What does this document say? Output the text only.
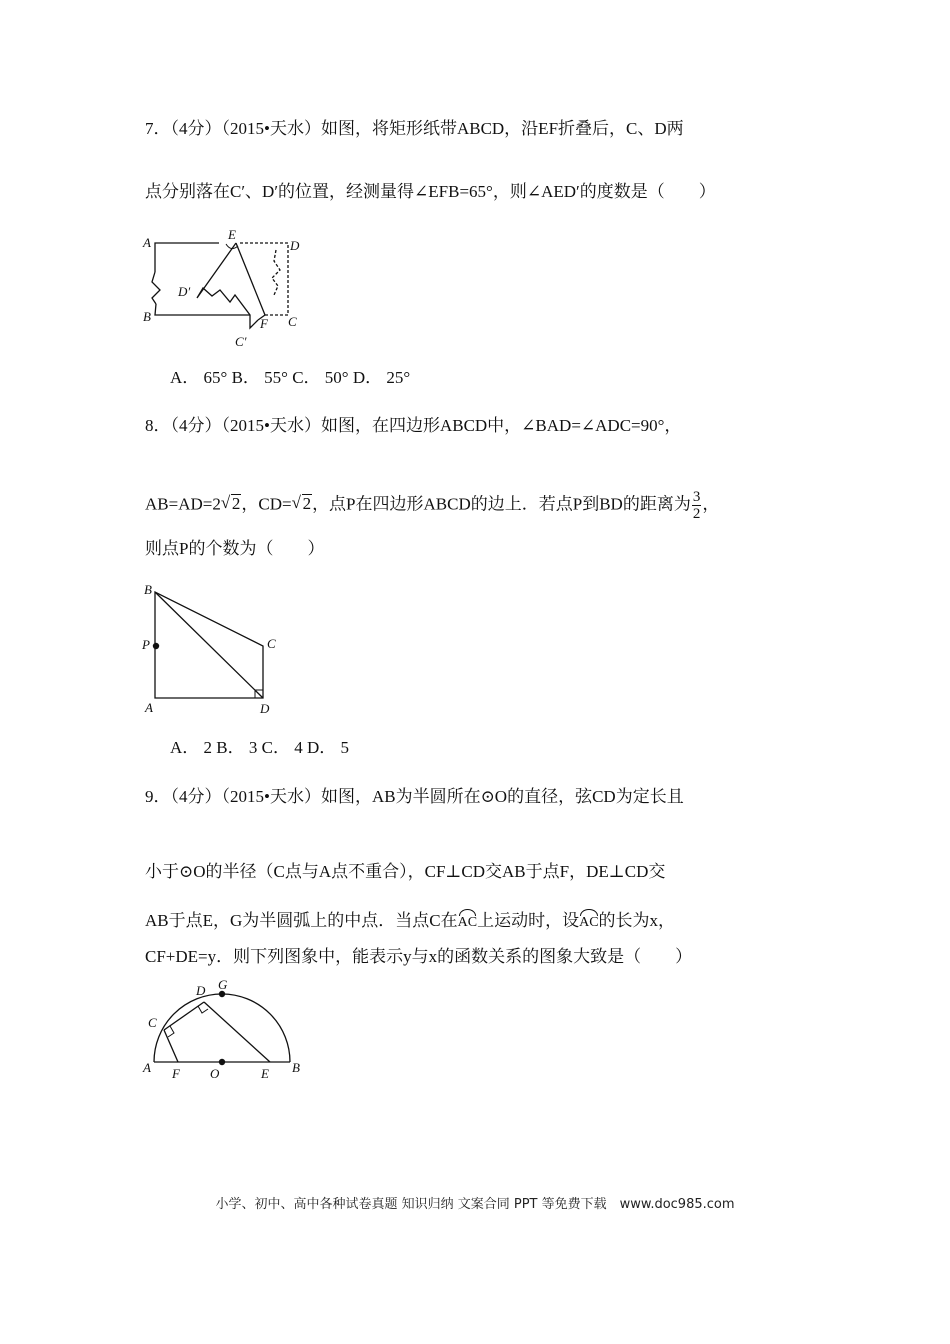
7．（4分）（2015•天水）如图，将矩形纸带ABCD，沿EF折叠后，C、D两
点分别落在C′、D′的位置，经测量得∠EFB=65°，则∠AED′的度数是（　　）
A
E
D
D′
B	F C
C′
A． 65° B． 55° C． 50° D． 25°
8．（4分）（2015•天水）如图，在四边形ABCD中，∠BAD=∠ADC=90°，
AB=AD=2 √ 2，CD= √ 2，点P在四边形ABCD的边上．若点P到BD的距离为 $\frac{3}{2}$ ，
则点P的个数为（　　）
B
C
P
A	D
A． 2 B． 3 C． 4 D． 5
9．（4分）（2015•天水）如图，AB为半圆所在⊙O的直径，弦CD为定长且
小于⊙O的半径（C点与A点不重合），CF⊥CD交AB于点F，DE⊥CD交
AB于点E，G为半圆弧上的中点．当点C在AC上运动时，设AC的长为x，
CF+DE=y．则下列图象中，能表示y与x的函数关系的图象大致是（　　）
D G
C
A F O	E B
小学、初中、高中各种试卷真题 知识归纳 文案合同 PPT 等免费下载　www.doc985.com
